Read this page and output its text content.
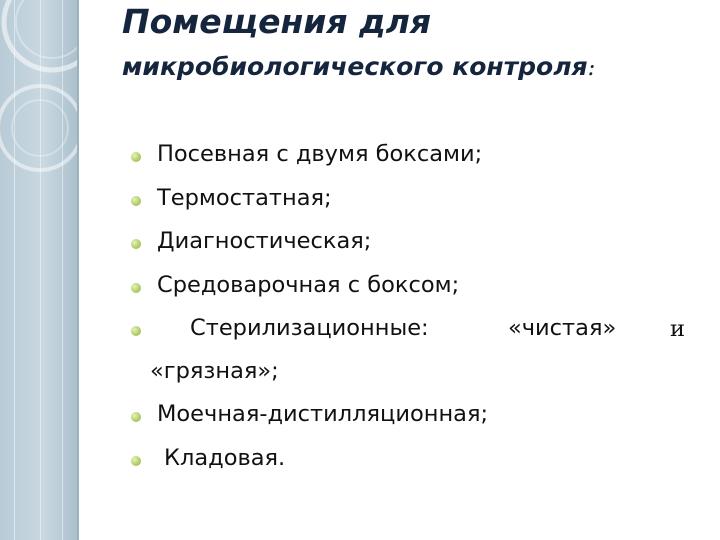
Помещения для
микробиологического контроля:
Посевная с двумя боксами;
Термостатная;
Диагностическая;
Средоварочная с боксом;
Стерилизационные:	«чистая» и
«грязная»;
Моечная-дистилляционная;
Кладовая.
